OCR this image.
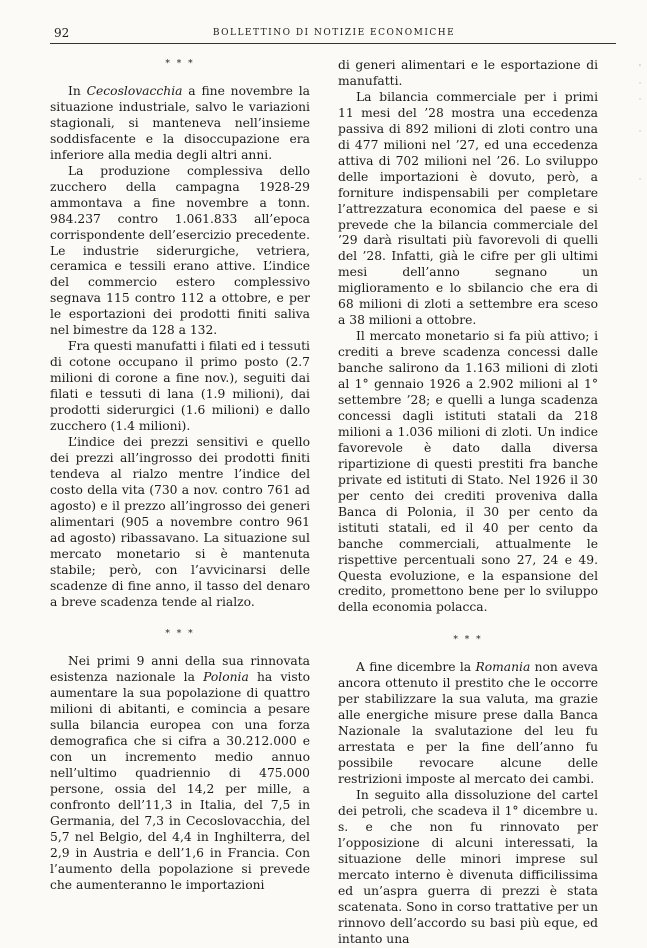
92	BOLLETTINO DI NOTIZIE ECONOMICHE
* * *

In Cecoslovacchia a fine novembre la situazione industriale, salvo le variazioni stagionali, si manteneva nell’insieme soddisfacente e la disoccupazione era inferiore alla media degli altri anni.

La produzione complessiva dello zucchero della campagna 1928-29 ammontava a fine novembre a tonn. 984.237 contro 1.061.833 all’epoca corrispondente dell’esercizio precedente. Le industrie siderurgiche, vetriera, ceramica e tessili erano attive. L’indice del commercio estero complessivo segnava 115 contro 112 a ottobre, e per le esportazioni dei prodotti finiti saliva nel bimestre da 128 a 132.

Fra questi manufatti i filati ed i tessuti di cotone occupano il primo posto (2.7 milioni di corone a fine nov.), seguiti dai filati e tessuti di lana (1.9 milioni), dai prodotti siderurgici (1.6 milioni) e dallo zucchero (1.4 milioni).

L’indice dei prezzi sensitivi e quello dei prezzi all’ingrosso dei prodotti finiti tendeva al rialzo mentre l’indice del costo della vita (730 a nov. contro 761 ad agosto) e il prezzo all’ingrosso dei generi alimentari (905 a novembre contro 961 ad agosto) ribassavano. La situazione sul mercato monetario si è mantenuta stabile; però, con l’avvicinarsi delle scadenze di fine anno, il tasso del denaro a breve scadenza tende al rialzo.

* * *

Nei primi 9 anni della sua rinnovata esistenza nazionale la Polonia ha visto aumentare la sua popolazione di quattro milioni di abitanti, e comincia a pesare sulla bilancia europea con una forza demografica che si cifra a 30.212.000 e con un incremento medio annuo nell’ultimo quadriennio di 475.000 persone, ossia del 14,2 per mille, a confronto dell’11,3 in Italia, del 7,5 in Germania, del 7,3 in Cecoslovacchia, del 5,7 nel Belgio, del 4,4 in Inghilterra, del 2,9 in Austria e dell’1,6 in Francia. Con l’aumento della popolazione si prevede che aumenteranno le importazioni

di generi alimentari e le esportazione di manufatti.

La bilancia commerciale per i primi 11 mesi del ’28 mostra una eccedenza passiva di 892 milioni di zloti contro una di 477 milioni nel ’27, ed una eccedenza attiva di 702 milioni nel ’26. Lo sviluppo delle importazioni è dovuto, però, a forniture indispensabili per completare l’attrezzatura economica del paese e si prevede che la bilancia commerciale del ’29 darà risultati più favorevoli di quelli del ’28. Infatti, già le cifre per gli ultimi mesi dell’anno segnano un miglioramento e lo sbilancio che era di 68 milioni di zloti a settembre era sceso a 38 milioni a ottobre.

Il mercato monetario si fa più attivo; i crediti a breve scadenza concessi dalle banche salirono da 1.163 milioni di zloti al 1° gennaio 1926 a 2.902 milioni al 1° settembre ’28; e quelli a lunga scadenza concessi dagli istituti statali da 218 milioni a 1.036 milioni di zloti. Un indice favorevole è dato dalla diversa ripartizione di questi prestiti fra banche private ed istituti di Stato. Nel 1926 il 30 per cento dei crediti proveniva dalla Banca di Polonia, il 30 per cento da istituti statali, ed il 40 per cento da banche commerciali, attualmente le rispettive percentuali sono 27, 24 e 49. Questa evoluzione, e la espansione del credito, promettono bene per lo sviluppo della economia polacca.

* * *

A fine dicembre la Romania non aveva ancora ottenuto il prestito che le occorre per stabilizzare la sua valuta, ma grazie alle energiche misure prese dalla Banca Nazionale la svalutazione del leu fu arrestata e per la fine dell’anno fu possibile revocare alcune delle restrizioni imposte al mercato dei cambi.

In seguito alla dissoluzione del cartel dei petroli, che scadeva il 1° dicembre u. s. e che non fu rinnovato per l’opposizione di alcuni interessati, la situazione delle minori imprese sul mercato interno è divenuta difficilissima ed un’aspra guerra di prezzi è stata scatenata. Sono in corso trattative per un rinnovo dell’accordo su basi più eque, ed intanto una

'
·
·

·

·
